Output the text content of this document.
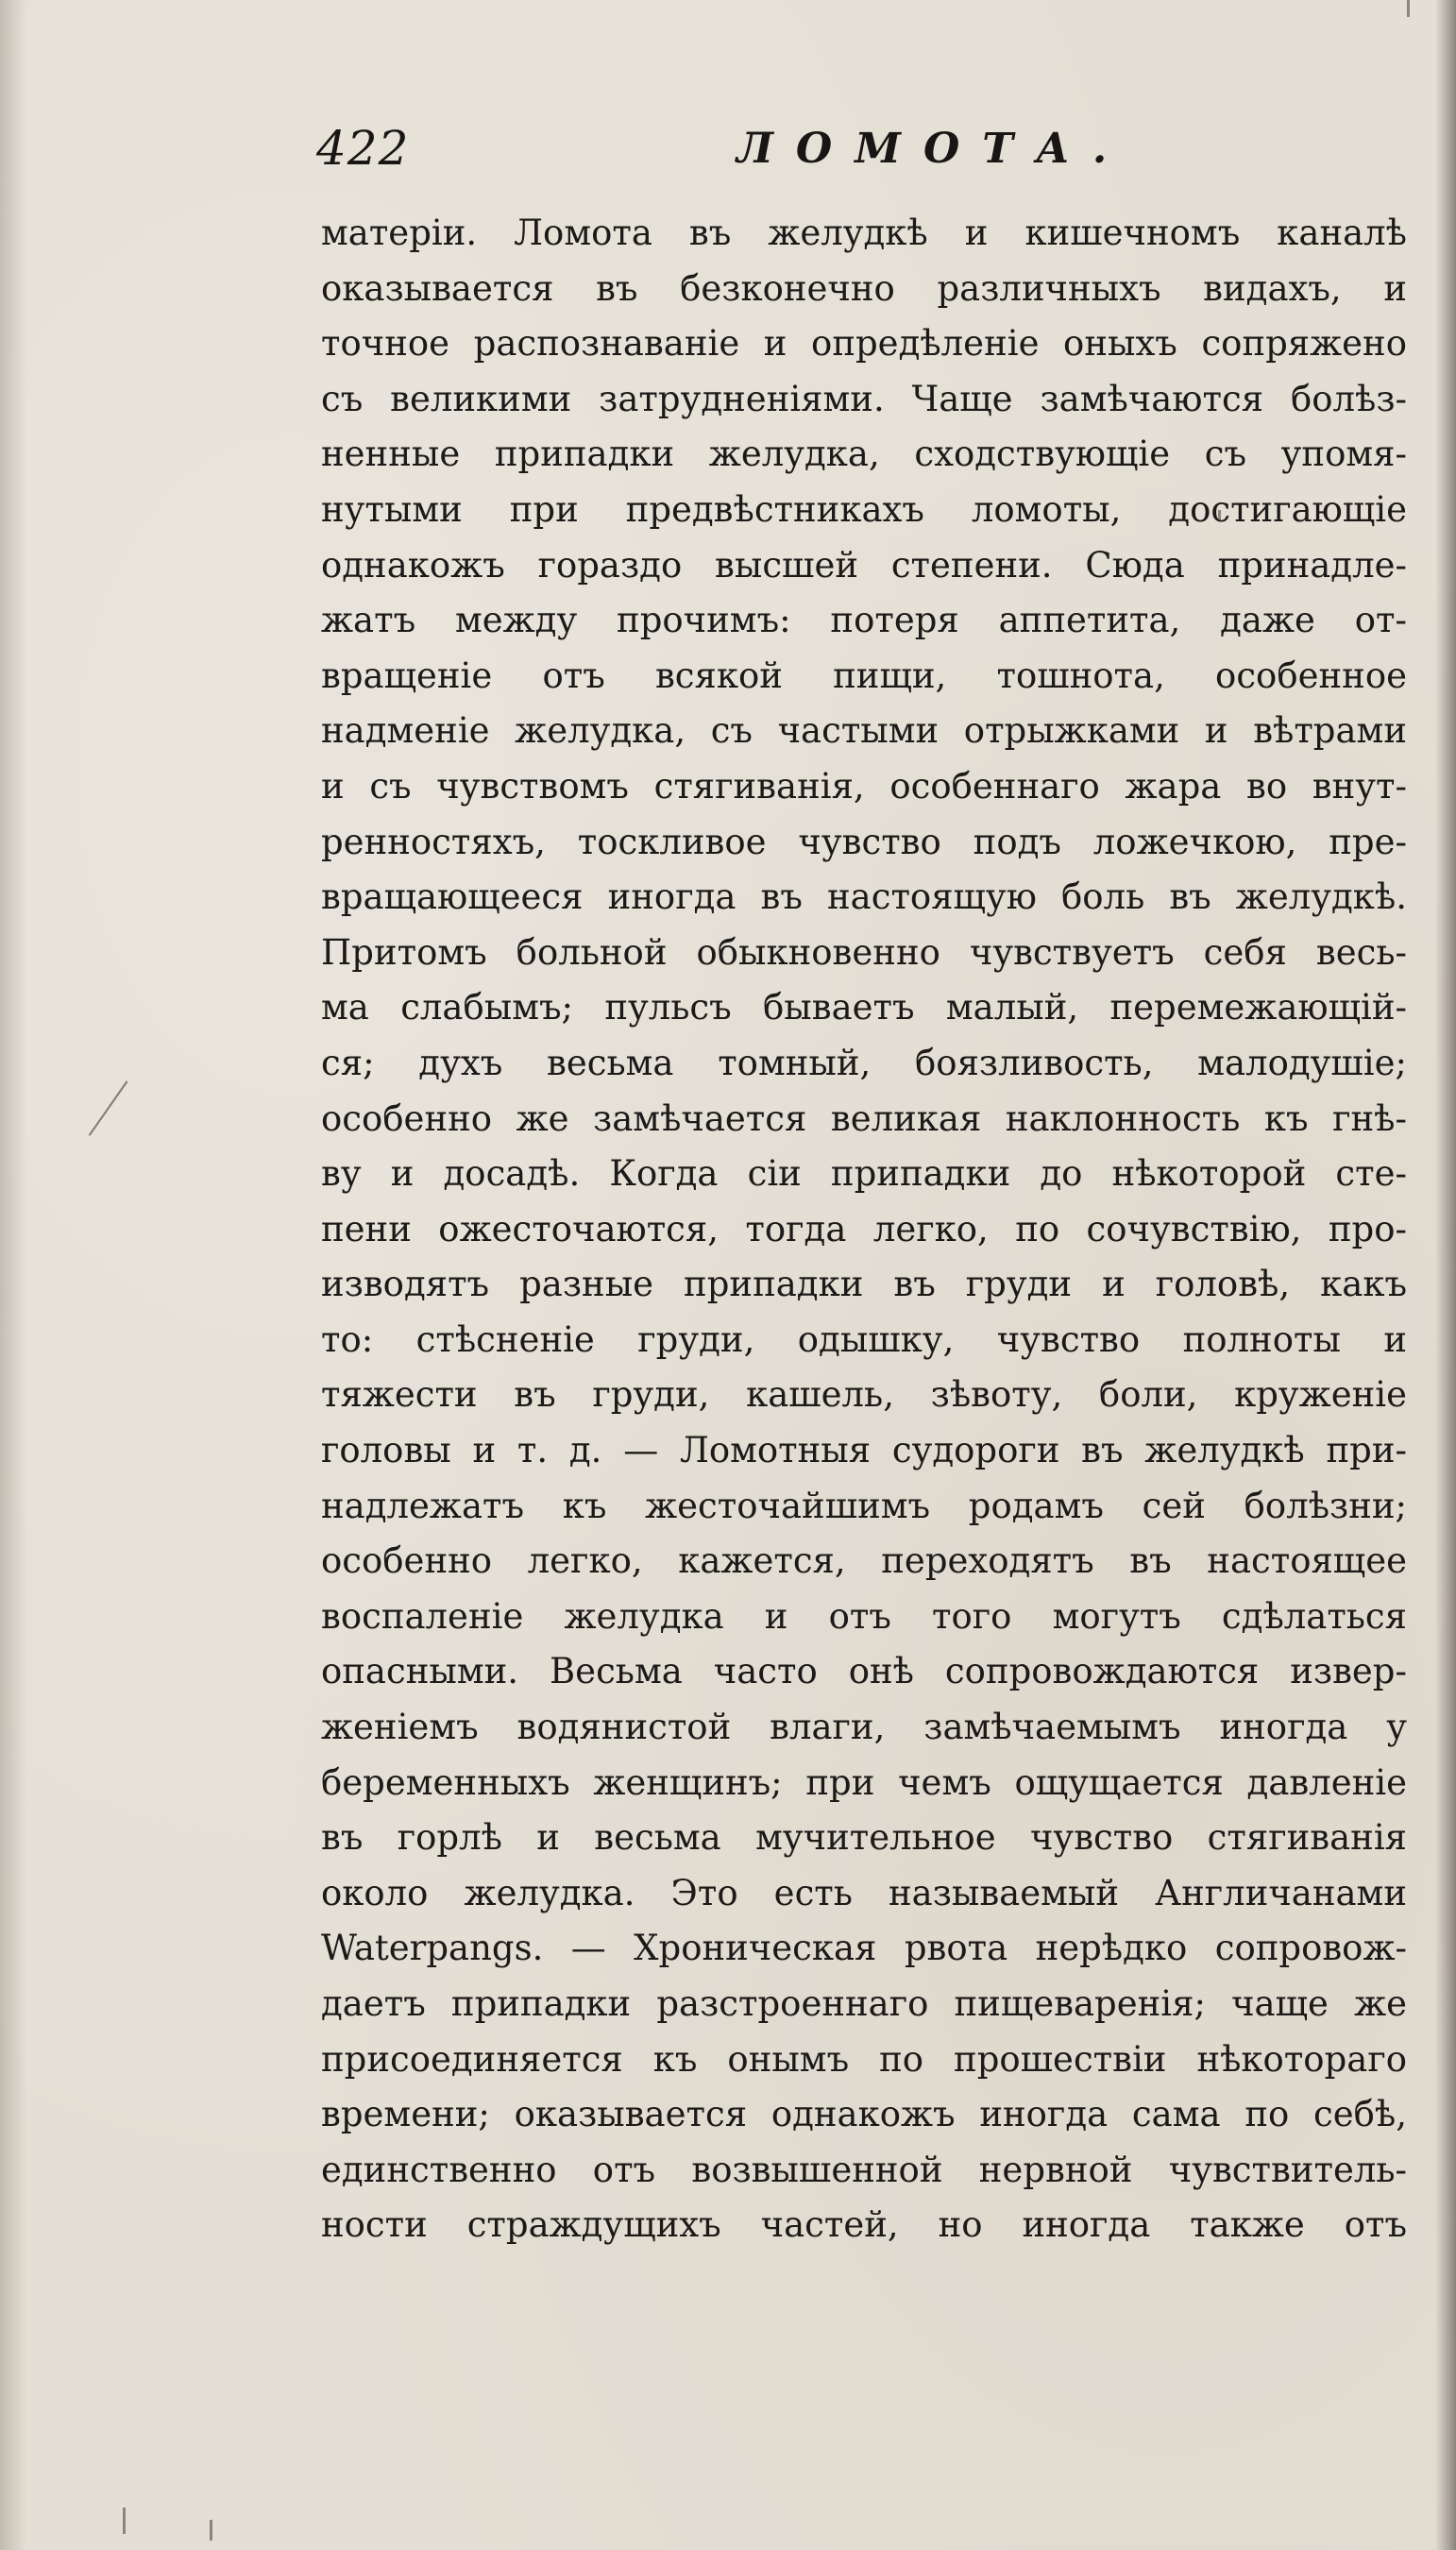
422	ЛОМОТА.
матеріи. Ломота въ желудкѣ и кишечномъ каналѣ
оказывается въ безконечно различныхъ видахъ, и
точное распознаваніе и опредѣленіе оныхъ сопряжено
съ великими затрудненіями. Чаще замѣчаются болѣз-
ненные припадки желудка, сходствующіе съ упомя-
нутыми при предвѣстникахъ ломоты, достигающіе
однакожъ гораздо высшей степени. Сюда принадле-
жатъ между прочимъ: потеря аппетита, даже от-
вращеніе отъ всякой пищи, тошнота, особенное
надменіе желудка, съ частыми отрыжками и вѣтрами
и съ чувствомъ стягиванія, особеннаго жара во внут-
ренностяхъ, тоскливое чувство подъ ложечкою, пре-
вращающееся иногда въ настоящую боль въ желудкѣ.
Притомъ больной обыкновенно чувствуетъ себя весь-
ма слабымъ; пульсъ бываетъ малый, перемежающій-
ся; духъ весьма томный, боязливость, малодушіе;
особенно же замѣчается великая наклонность къ гнѣ-
ву и досадѣ. Когда сіи припадки до нѣкоторой сте-
пени ожесточаются, тогда легко, по сочувствію, про-
изводятъ разные припадки въ груди и головѣ, какъ
то: стѣсненіе груди, одышку, чувство полноты и
тяжести въ груди, кашель, зѣвоту, боли, круженіе
головы и т. д. — Ломотныя судороги въ желудкѣ при-
надлежатъ къ жесточайшимъ родамъ сей болѣзни;
особенно легко, кажется, переходятъ въ настоящее
воспаленіе желудка и отъ того могутъ сдѣлаться
опасными. Весьма часто онѣ сопровождаются извер-
женіемъ водянистой влаги, замѣчаемымъ иногда у
беременныхъ женщинъ; при чемъ ощущается давленіе
въ горлѣ и весьма мучительное чувство стягиванія
около желудка. Это есть называемый Англичанами
Waterpangs. — Хроническая рвота нерѣдко сопровож-
даетъ припадки разстроеннаго пищеваренія; чаще же
присоединяется къ онымъ по прошествіи нѣкотораго
времени; оказывается однакожъ иногда сама по себѣ,
единственно отъ возвышенной нервной чувствитель-
ности страждущихъ частей, но иногда также отъ
